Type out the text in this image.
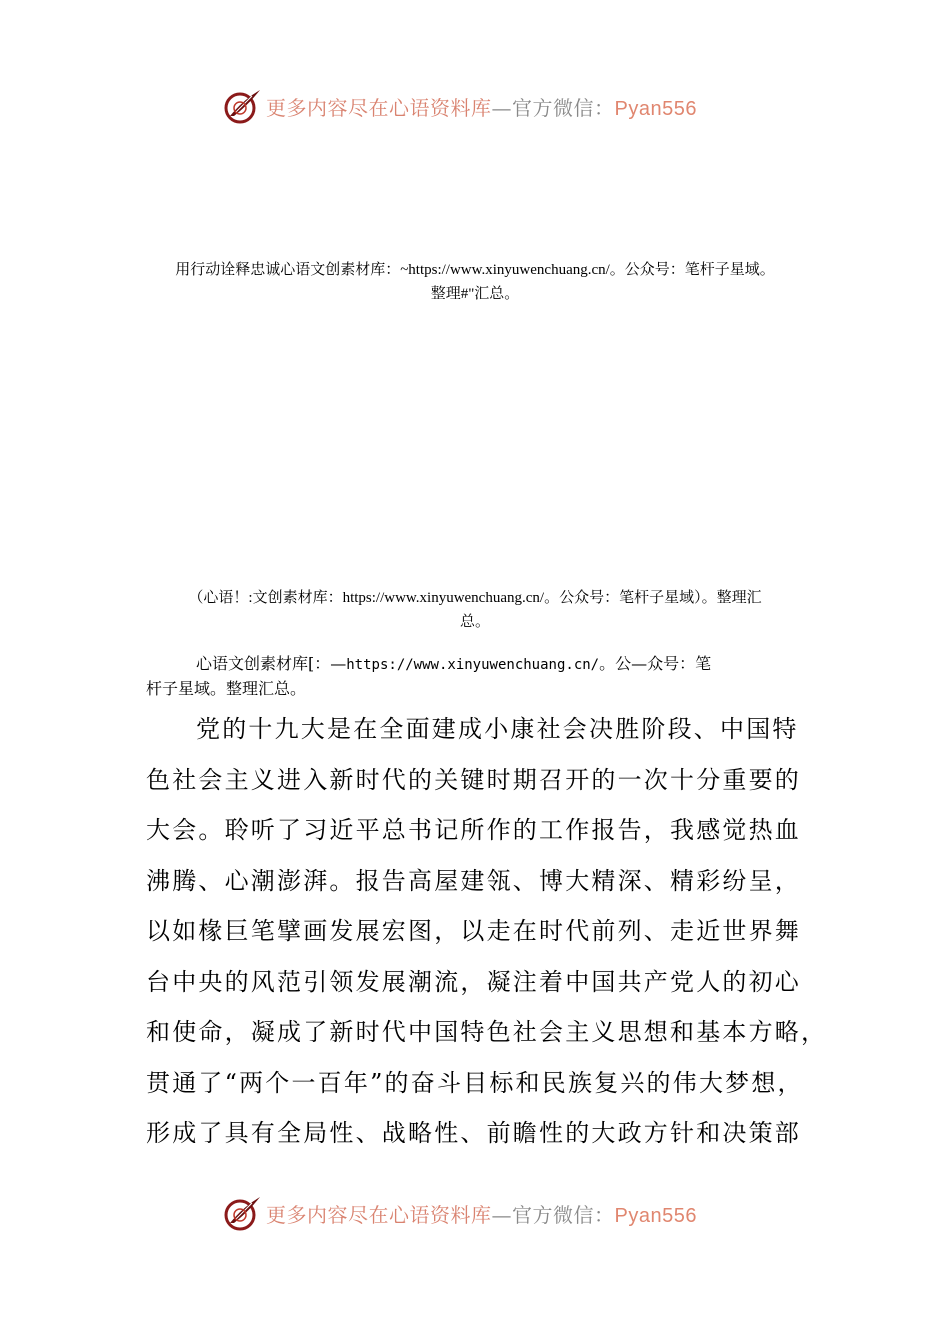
更多内容尽在心语资料库—官方微信：Pyan556
用行动诠释忠诚心语文创素材库：~https://www.xinyuwenchuang.cn/。公众号：笔杆子星域。
整理#"汇总。
（心语！:文创素材库：https://www.xinyuwenchuang.cn/。公众号：笔杆子星域）。整理汇
总。
心语文创素材库[：—https://www.xinyuwenchuang.cn/。公—众号：笔
杆子星域。整理汇总。
党的十九大是在全面建成小康社会决胜阶段、中国特
色社会主义进入新时代的关键时期召开的一次十分重要的
大会。聆听了习近平总书记所作的工作报告，我感觉热血
沸腾、心潮澎湃。报告高屋建瓴、博大精深、精彩纷呈，
以如椽巨笔擘画发展宏图，以走在时代前列、走近世界舞
台中央的风范引领发展潮流，凝注着中国共产党人的初心
和使命，凝成了新时代中国特色社会主义思想和基本方略，
贯通了“两个一百年”的奋斗目标和民族复兴的伟大梦想，
形成了具有全局性、战略性、前瞻性的大政方针和决策部
更多内容尽在心语资料库—官方微信：Pyan556
